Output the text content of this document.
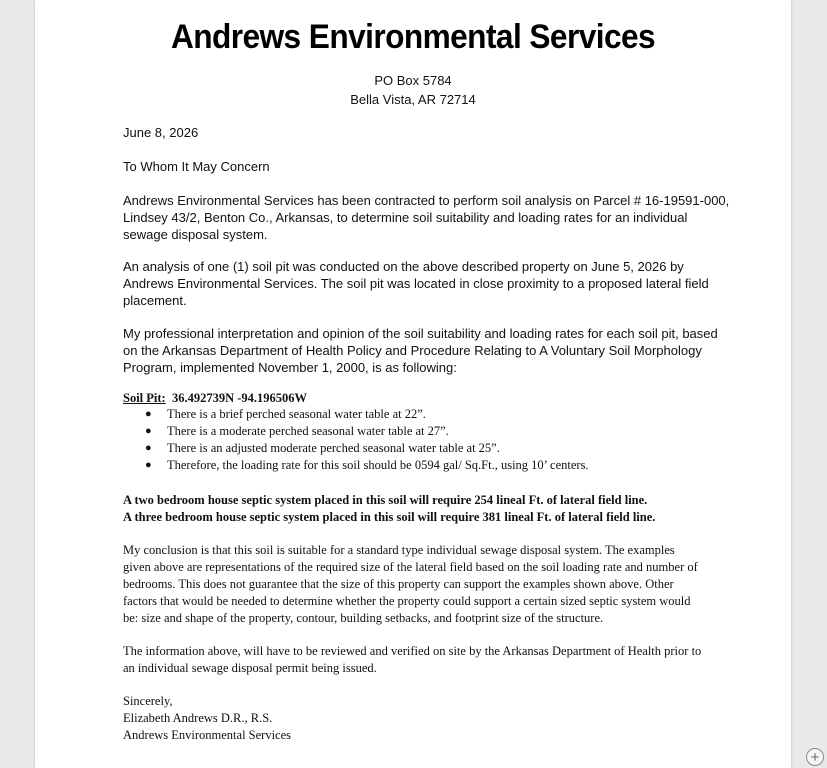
Andrews Environmental Services
PO Box 5784
Bella Vista, AR 72714
June 8, 2026
To Whom It May Concern
Andrews Environmental Services has been contracted to perform soil analysis on Parcel # 16-19591-000,
Lindsey 43/2, Benton Co., Arkansas, to determine soil suitability and loading rates for an individual
sewage disposal system.
An analysis of one (1) soil pit was conducted on the above described property on June 5, 2026 by
Andrews Environmental Services. The soil pit was located in close proximity to a proposed lateral field
placement.
My professional interpretation and opinion of the soil suitability and loading rates for each soil pit, based
on the Arkansas Department of Health Policy and Procedure Relating to A Voluntary Soil Morphology
Program, implemented November 1, 2000, is as following:
Soil Pit: 36.492739N -94.196506W
● There is a brief perched seasonal water table at 22”.
● There is a moderate perched seasonal water table at 27”.
● There is an adjusted moderate perched seasonal water table at 25”.
● Therefore, the loading rate for this soil should be 0594 gal/ Sq.Ft., using 10’ centers.
A two bedroom house septic system placed in this soil will require 254 lineal Ft. of lateral field line.
A three bedroom house septic system placed in this soil will require 381 lineal Ft. of lateral field line.
My conclusion is that this soil is suitable for a standard type individual sewage disposal system. The examples
given above are representations of the required size of the lateral field based on the soil loading rate and number of
bedrooms. This does not guarantee that the size of this property can support the examples shown above. Other
factors that would be needed to determine whether the property could support a certain sized septic system would
be: size and shape of the property, contour, building setbacks, and footprint size of the structure.
The information above, will have to be reviewed and verified on site by the Arkansas Department of Health prior to
an individual sewage disposal permit being issued.
Sincerely,
Elizabeth Andrews D.R., R.S.
Andrews Environmental Services
+
